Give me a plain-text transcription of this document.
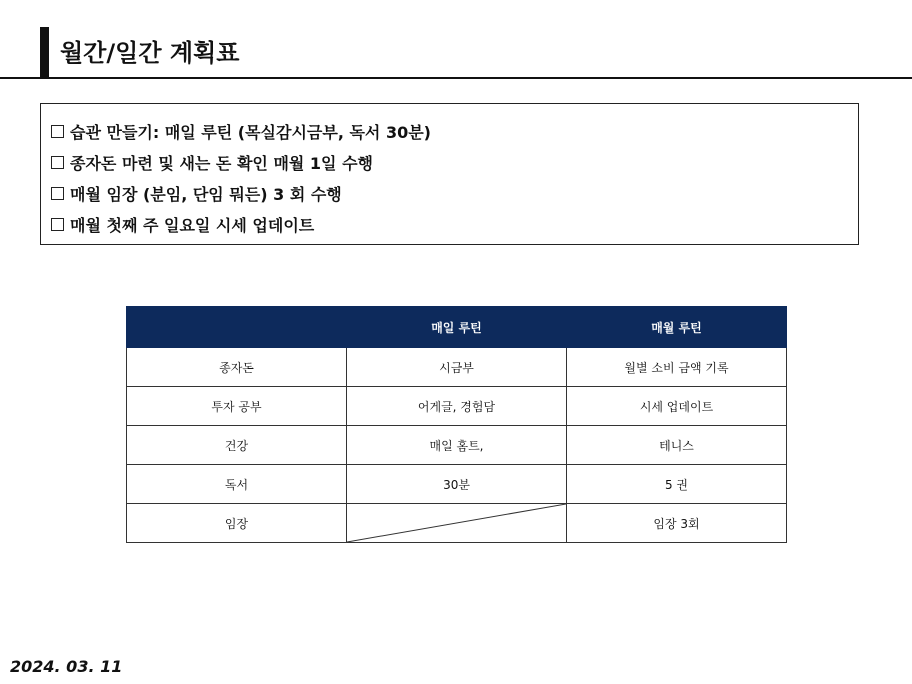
월간/일간 계획표
습관 만들기: 매일 루틴 (목실감시금부, 독서 30분)
종자돈 마련 및 새는 돈 확인 매월 1일 수행
매월 임장 (분임, 단임 뭐든) 3 회 수행
매월 첫째 주 일요일 시세 업데이트
	매일 루틴	매월 루틴
종자돈	시금부	월별 소비 금액 기록
투자 공부	어게글, 경험담	시세 업데이트
건강	매일 홈트,	테니스
독서	30분	5 권
임장		임장 3회
2024. 03. 11
